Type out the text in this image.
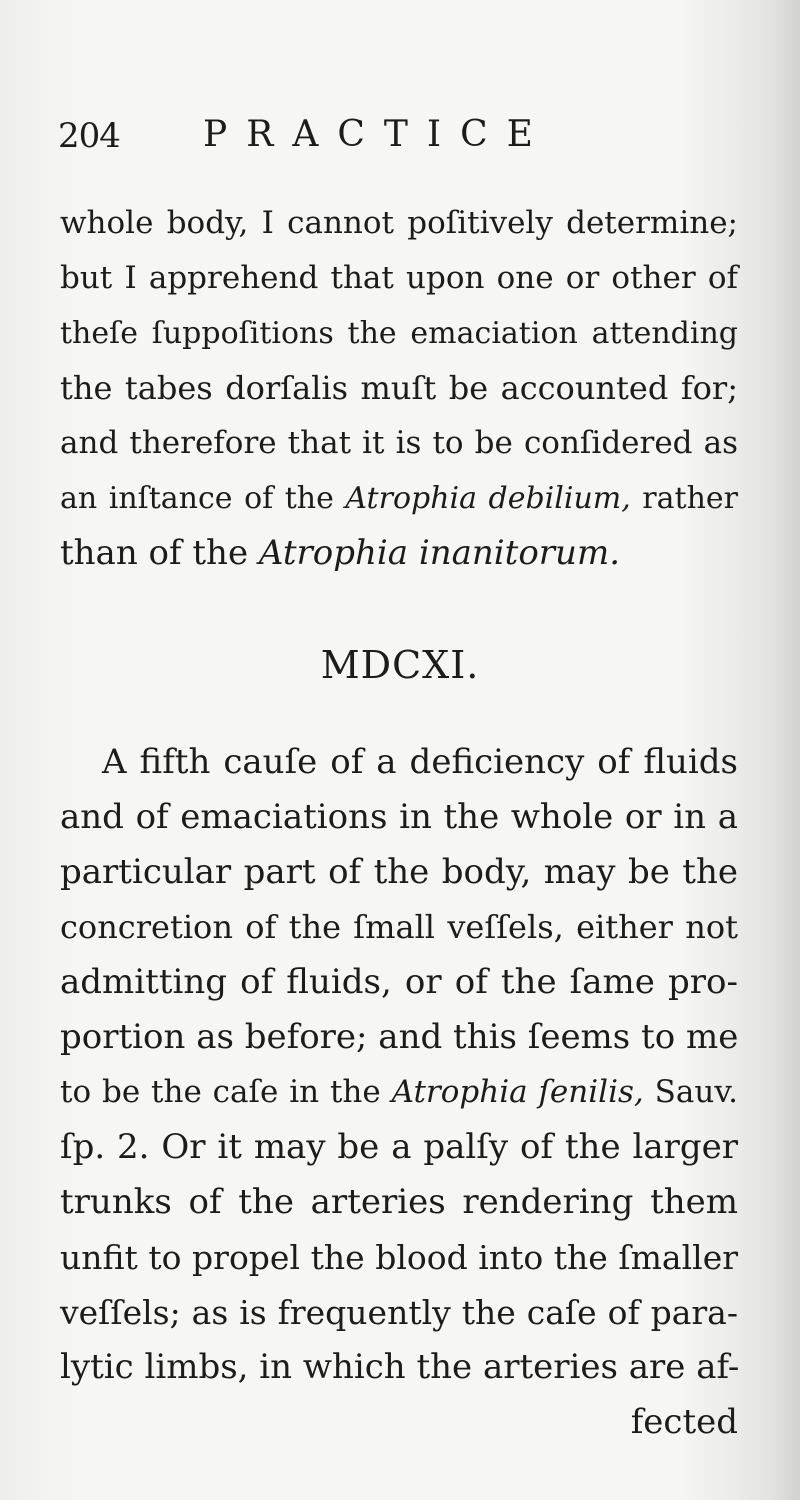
204 PRACTICE
whole body, I cannot poſitively determine;
but I apprehend that upon one or other of
theſe ſuppoſitions the emaciation attending
the tabes dorſalis muſt be accounted for;
and therefore that it is to be conſidered as
an inſtance of the Atrophia debilium, rather
than of the Atrophia inanitorum.
MDCXI.
A fifth cauſe of a deficiency of fluids
and of emaciations in the whole or in a
particular part of the body, may be the
concretion of the ſmall veſſels, either not
admitting of fluids, or of the ſame pro-
portion as before; and this ſeems to me
to be the caſe in the Atrophia ſenilis, Sauv.
ſp. 2. Or it may be a palſy of the larger
trunks of the arteries rendering them
unfit to propel the blood into the ſmaller
veſſels; as is frequently the caſe of para-
lytic limbs, in which the arteries are af-
fected
